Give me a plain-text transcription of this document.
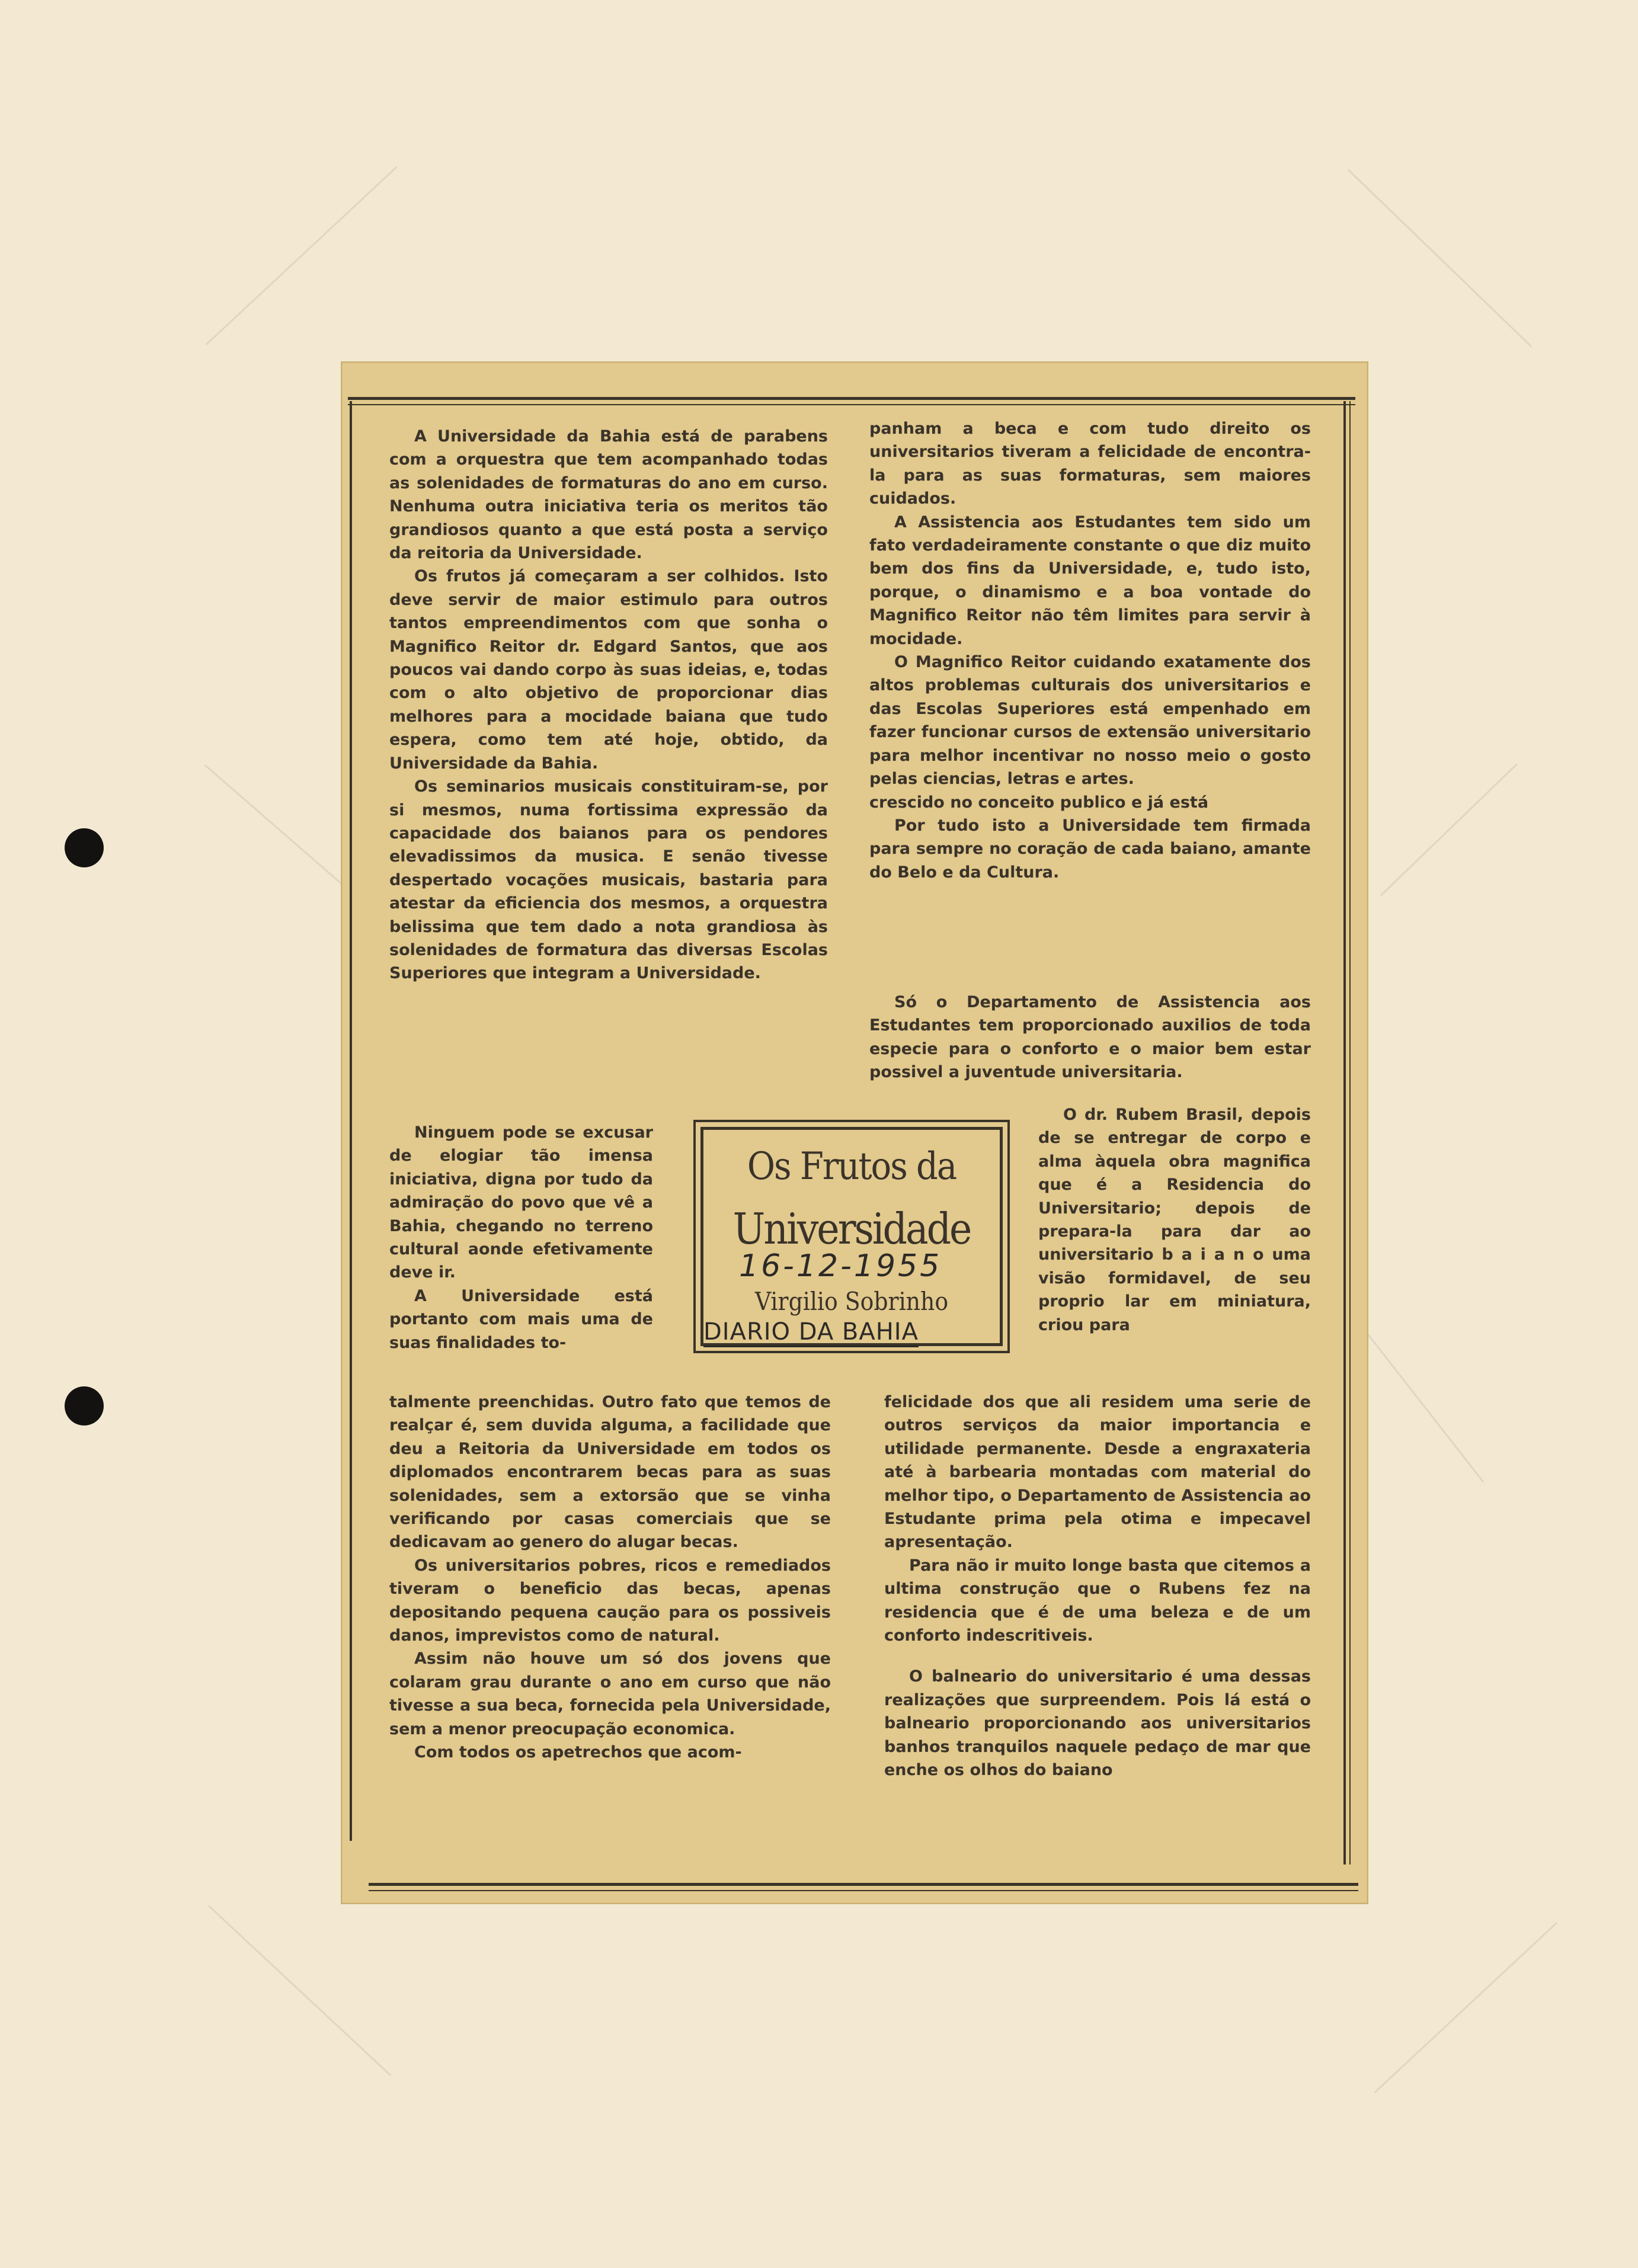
A Universidade da Bahia está de parabens com a orquestra que tem acompanhado todas as solenidades de formaturas do ano em curso. Nenhuma outra iniciativa teria os meritos tão grandiosos quanto a que está posta a serviço da reitoria da Universidade.

Os frutos já começaram a ser colhidos. Isto deve servir de maior estimulo para outros tantos empreendimentos com que sonha o Magnifico Reitor dr. Edgard Santos, que aos poucos vai dando corpo às suas ideias, e, todas com o alto objetivo de proporcionar dias melhores para a mocidade baiana que tudo espera, como tem até hoje, obtido, da Universidade da Bahia.

Os seminarios musicais constituiram-se, por si mesmos, numa fortissima expressão da capacidade dos baianos para os pendores elevadissimos da musica. E senão tivesse despertado vocações musicais, bastaria para atestar da eficiencia dos mesmos, a orquestra belissima que tem dado a nota grandiosa às solenidades de formatura das diversas Escolas Superiores que integram a Universidade.

Ninguem pode se excusar de elogiar tão imensa iniciativa, digna por tudo da admiração do povo que vê a Bahia, chegando no terreno cultural aonde efetivamente deve ir.

A Universidade está portanto com mais uma de suas finalidades to-

talmente preenchidas. Outro fato que temos de realçar é, sem duvida alguma, a facilidade que deu a Reitoria da Universidade em todos os diplomados encontrarem becas para as suas solenidades, sem a extorsão que se vinha verificando por casas comerciais que se dedicavam ao genero do alugar becas.

Os universitarios pobres, ricos e remediados tiveram o beneficio das becas, apenas depositando pequena caução para os possiveis danos, imprevistos como de natural.

Assim não houve um só dos jovens que colaram grau durante o ano em curso que não tivesse a sua beca, fornecida pela Universidade, sem a menor preocupação economica.

Com todos os apetrechos que acom-

panham a beca e com tudo direito os universitarios tiveram a felicidade de encontra-la para as suas formaturas, sem maiores cuidados.

A Assistencia aos Estudantes tem sido um fato verdadeiramente constante o que diz muito bem dos fins da Universidade, e, tudo isto, porque, o dinamismo e a boa vontade do Magnifico Reitor não têm limites para servir à mocidade.

O Magnifico Reitor cuidando exatamente dos altos problemas culturais dos universitarios e das Escolas Superiores está empenhado em fazer funcionar cursos de extensão universitario para melhor incentivar no nosso meio o gosto pelas ciencias, letras e artes.

crescido no conceito publico e já está

Por tudo isto a Universidade tem firmada para sempre no coração de cada baiano, amante do Belo e da Cultura.

Só o Departamento de Assistencia aos Estudantes tem proporcionado auxilios de toda especie para o conforto e o maior bem estar possivel a juventude universitaria.

O dr. Rubem Brasil, depois de se entregar de corpo e alma àquela obra magnifica que é a Residencia do Universitario; depois de prepara-la para dar ao universitario b a i a n o uma visão formidavel, de seu proprio lar em miniatura, criou para

felicidade dos que ali residem uma serie de outros serviços da maior importancia e utilidade permanente. Desde a engraxateria até à barbearia montadas com material do melhor tipo, o Departamento de Assistencia ao Estudante prima pela otima e impecavel apresentação.

Para não ir muito longe basta que citemos a ultima construção que o Rubens fez na residencia que é de uma beleza e de um conforto indescritiveis.

O balneario do universitario é uma dessas realizações que surpreendem. Pois lá está o balneario proporcionando aos universitarios banhos tranquilos naquele pedaço de mar que enche os olhos do baiano

Os Frutos da
Universidade
16-12-1955
Virgilio Sobrinho
DIARIO DA BAHIA
